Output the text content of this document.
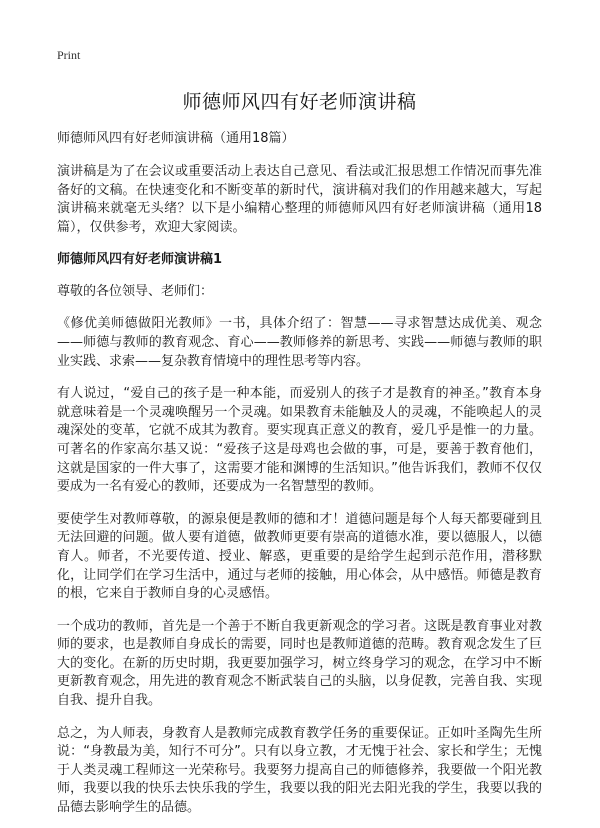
Print
师德师风四有好老师演讲稿
师德师风四有好老师演讲稿（通用18篇）

演讲稿是为了在会议或重要活动上表达自己意见、看法或汇报思想工作情况而事先准备好的文稿。在快速变化和不断变革的新时代，演讲稿对我们的作用越来越大，写起演讲稿来就毫无头绪？以下是小编精心整理的师德师风四有好老师演讲稿（通用18篇），仅供参考，欢迎大家阅读。

师德师风四有好老师演讲稿1
尊敬的各位领导、老师们：

《修优美师德做阳光教师》一书，具体介绍了：智慧——寻求智慧达成优美、观念——师德与教师的教育观念、育心——教师修养的新思考、实践——师德与教师的职业实践、求索——复杂教育情境中的理性思考等内容。

有人说过，“爱自己的孩子是一种本能，而爱别人的孩子才是教育的神圣。”教育本身就意味着是一个灵魂唤醒另一个灵魂。如果教育未能触及人的灵魂，不能唤起人的灵魂深处的变革，它就不成其为教育。要实现真正意义的教育，爱几乎是惟一的力量。可著名的作家高尔基又说：“爱孩子这是母鸡也会做的事，可是，要善于教育他们，这就是国家的一件大事了，这需要才能和渊博的生活知识。”他告诉我们，教师不仅仅要成为一名有爱心的教师，还要成为一名智慧型的教师。

要使学生对教师尊敬，的源泉便是教师的德和才！道德问题是每个人每天都要碰到且无法回避的问题。做人要有道德，做教师更要有崇高的道德水准，要以德服人，以德育人。师者，不光要传道、授业、解惑，更重要的是给学生起到示范作用，潜移默化，让同学们在学习生活中，通过与老师的接触，用心体会，从中感悟。师德是教育的根，它来自于教师自身的心灵感悟。

一个成功的教师，首先是一个善于不断自我更新观念的学习者。这既是教育事业对教师的要求，也是教师自身成长的需要，同时也是教师道德的范畴。教育观念发生了巨大的变化。在新的历史时期，我更要加强学习，树立终身学习的观念，在学习中不断更新教育观念，用先进的教育观念不断武装自己的头脑，以身促教，完善自我、实现自我、提升自我。

总之，为人师表，身教育人是教师完成教育教学任务的重要保证。正如叶圣陶先生所说：“身教最为美，知行不可分”。只有以身立教，才无愧于社会、家长和学生；无愧于人类灵魂工程师这一光荣称号。我要努力提高自己的师德修养，我要做一个阳光教师，我要以我的快乐去快乐我的学生，我要以我的阳光去阳光我的学生，我要以我的品德去影响学生的品德。
